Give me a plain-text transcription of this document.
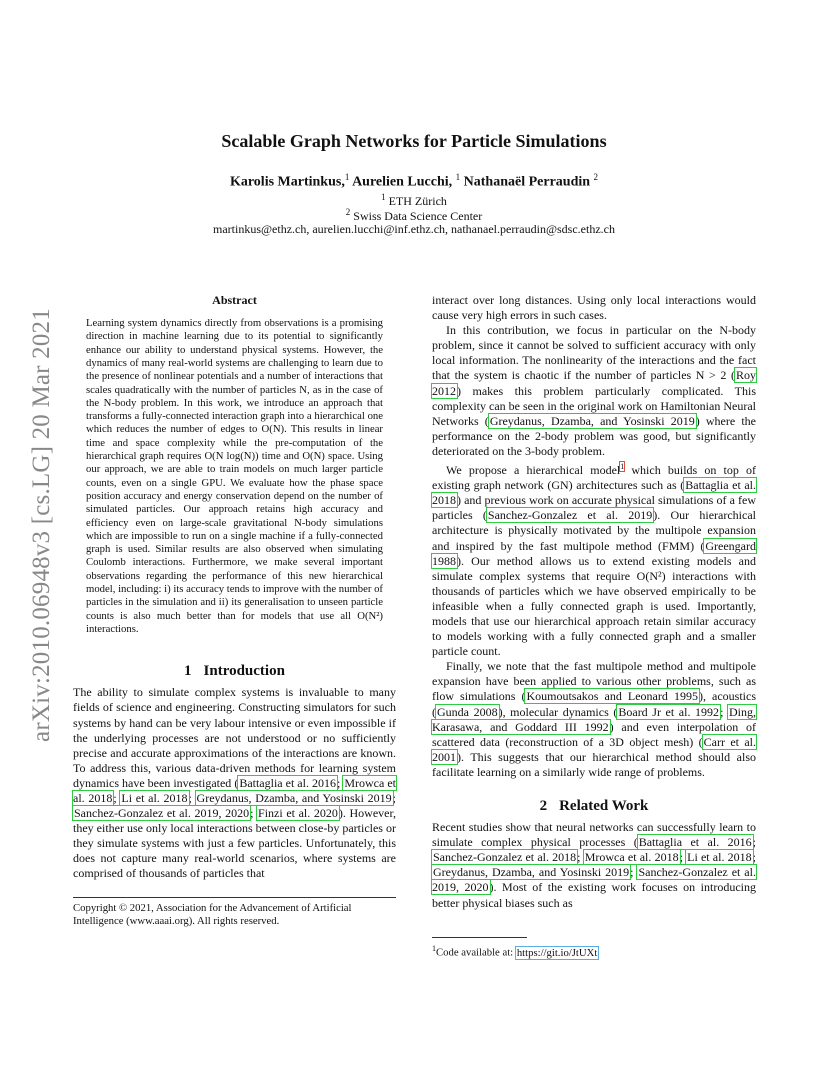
arXiv:2010.06948v3 [cs.LG] 20 Mar 2021
Scalable Graph Networks for Particle Simulations
Karolis Martinkus,$^1$ Aurelien Lucchi, $^1$ Nathanaël Perraudin $^2$
$^1$ ETH Zürich
$^2$ Swiss Data Science Center
martinkus@ethz.ch, aurelien.lucchi@inf.ethz.ch, nathanael.perraudin@sdsc.ethz.ch
Abstract
Learning system dynamics directly from observations is a promising direction in machine learning due to its potential to significantly enhance our ability to understand physical systems. However, the dynamics of many real-world systems are challenging to learn due to the presence of nonlinear potentials and a number of interactions that scales quadratically with the number of particles N, as in the case of the N-body problem. In this work, we introduce an approach that transforms a fully-connected interaction graph into a hierarchical one which reduces the number of edges to O(N). This results in linear time and space complexity while the pre-computation of the hierarchical graph requires O(N log(N)) time and O(N) space. Using our approach, we are able to train models on much larger particle counts, even on a single GPU. We evaluate how the phase space position accuracy and energy conservation depend on the number of simulated particles. Our approach retains high accuracy and efficiency even on large-scale gravitational N-body simulations which are impossible to run on a single machine if a fully-connected graph is used. Similar results are also observed when simulating Coulomb interactions. Furthermore, we make several important observations regarding the performance of this new hierarchical model, including: i) its accuracy tends to improve with the number of particles in the simulation and ii) its generalisation to unseen particle counts is also much better than for models that use all O(N²) interactions.
1 Introduction

The ability to simulate complex systems is invaluable to many fields of science and engineering. Constructing simulators for such systems by hand can be very labour intensive or even impossible if the underlying processes are not understood or no sufficiently precise and accurate approximations of the interactions are known. To address this, various data-driven methods for learning system dynamics have been investigated (Battaglia et al. 2016; Mrowca et al. 2018; Li et al. 2018; Greydanus, Dzamba, and Yosinski 2019; Sanchez-Gonzalez et al. 2019, 2020; Finzi et al. 2020). However, they either use only local interactions between close-by particles or they simulate systems with just a few particles. Unfortunately, this does not capture many real-world scenarios, where systems are comprised of thousands of particles that

Copyright © 2021, Association for the Advancement of Artificial Intelligence (www.aaai.org). All rights reserved.

interact over long distances. Using only local interactions would cause very high errors in such cases.

In this contribution, we focus in particular on the N-body problem, since it cannot be solved to sufficient accuracy with only local information. The nonlinearity of the interactions and the fact that the system is chaotic if the number of particles N > 2 (Roy 2012) makes this problem particularly complicated. This complexity can be seen in the original work on Hamiltonian Neural Networks (Greydanus, Dzamba, and Yosinski 2019) where the performance on the 2-body problem was good, but significantly deteriorated on the 3-body problem.

We propose a hierarchical model$^1$ which builds on top of existing graph network (GN) architectures such as (Battaglia et al. 2018) and previous work on accurate physical simulations of a few particles (Sanchez-Gonzalez et al. 2019). Our hierarchical architecture is physically motivated by the multipole expansion and inspired by the fast multipole method (FMM) (Greengard 1988). Our method allows us to extend existing models and simulate complex systems that require O(N²) interactions with thousands of particles which we have observed empirically to be infeasible when a fully connected graph is used. Importantly, models that use our hierarchical approach retain similar accuracy to models working with a fully connected graph and a smaller particle count.

Finally, we note that the fast multipole method and multipole expansion have been applied to various other problems, such as flow simulations (Koumoutsakos and Leonard 1995), acoustics (Gunda 2008), molecular dynamics (Board Jr et al. 1992; Ding, Karasawa, and Goddard III 1992) and even interpolation of scattered data (reconstruction of a 3D object mesh) (Carr et al. 2001). This suggests that our hierarchical method should also facilitate learning on a similarly wide range of problems.

2 Related Work

Recent studies show that neural networks can successfully learn to simulate complex physical processes (Battaglia et al. 2016; Sanchez-Gonzalez et al. 2018; Mrowca et al. 2018; Li et al. 2018; Greydanus, Dzamba, and Yosinski 2019; Sanchez-Gonzalez et al. 2019, 2020). Most of the existing work focuses on introducing better physical biases such as

$^1$Code available at: https://git.io/JtUXt
